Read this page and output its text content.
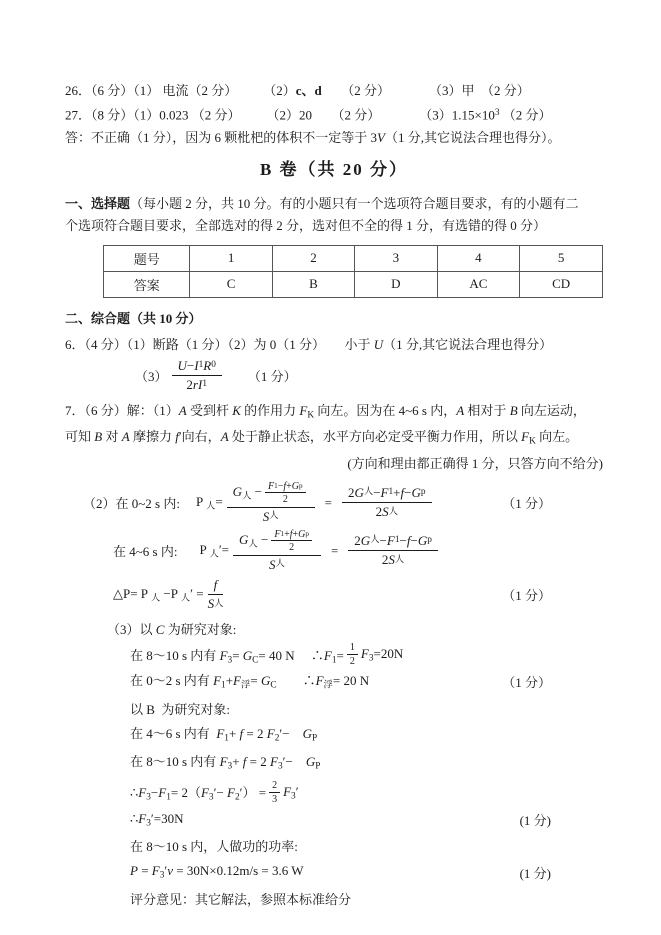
26．（6 分）（1） 电流（2 分）　　　（2）c、d　　（2 分）　　　　（3）甲　（2 分）
27．（8 分）（1）0.023 （2 分）　　　（2）20　　（2 分）　　　　$(3)1.15\times 10^3$ （2 分）
答：不正确（1 分），因为 6 颗枇杷的体积不一定等于 3V（1 分,其它说法合理也得分）。
B 卷（共 20 分）
一、选择题（每小题 2 分，共 10 分。有的小题只有一个选项符合题目要求，有的小题有二
个选项符合题目要求，全部选对的得 2 分，选对但不全的得 1 分，有选错的得 0 分）
题号	1	2	3	4	5
答案	C	B	D	AC	CD
二、综合题（共 10 分）
6．（4 分）（1）断路（1 分）（2）为 0（1 分）　　小于 U（1 分,其它说法合理也得分）
$(3) \frac{U - I 1 R 0}{\text{2 r I 1}} (1$ 分）
7．（6 分）解：（1）A 受到杆 K 的作用力 $F_K$ 向左。因为在 4~6 s 内，A 相对于 B 向左运动，
可知 B 对 A 摩擦力 f′向右，A 处于静止状态，水平方向必定受平衡力作用，所以 $F_K$ 向左。
(方向和理由都正确得 1 分，只答方向不给分)
（2）在 0~2 s 内: P $_人= \frac{G_人 - \frac{\text{F 1 − f + G p}}{2}}{\text{S 人}} = \frac{\text{2 G 人 − F 1 + f − G p}}{\text{2 S 人}}$	（1 分）
在 4~6 s 内: P $_人'= \frac{G_人 - \frac{\text{F 1 + f + G p}}{2}}{\text{S 人}} = \frac{\text{2 G 人 − F 1 − f − G p}}{\text{2 S 人}}$
△P= P $_人$ −P $_人' = \frac{f}{\text{S 人}}$	（1 分）
（3）以 C 为研究对象:
在 8～10 s 内有 $F_3= G_C= 40$ N　 $\therefore F_1= \frac{1}{2} F_3=20N$
在 0～2 s 内有 $F_1+F_浮= G_C$　　$\therefore F_浮= 20$ N	（1 分）
以 B  为研究对象:
在 4～6 s 内有  $F_1+ f = 2$ $F_2'-$　$G_P$
在 8～10 s 内有 $F_3+ f = 2$ $F_3'-$　$G_P$
$\therefore F_3-F_1= 2(F_3'- F_2') = \frac{2}{3} F_3'$
$\therefore F_3'=30N$	(1 分)
在 8～10 s 内，人做功的功率:
$P = F_3'v = 30N\times 0.12m/s = 3.6$ W	(1 分)
评分意见：其它解法，参照本标准给分
